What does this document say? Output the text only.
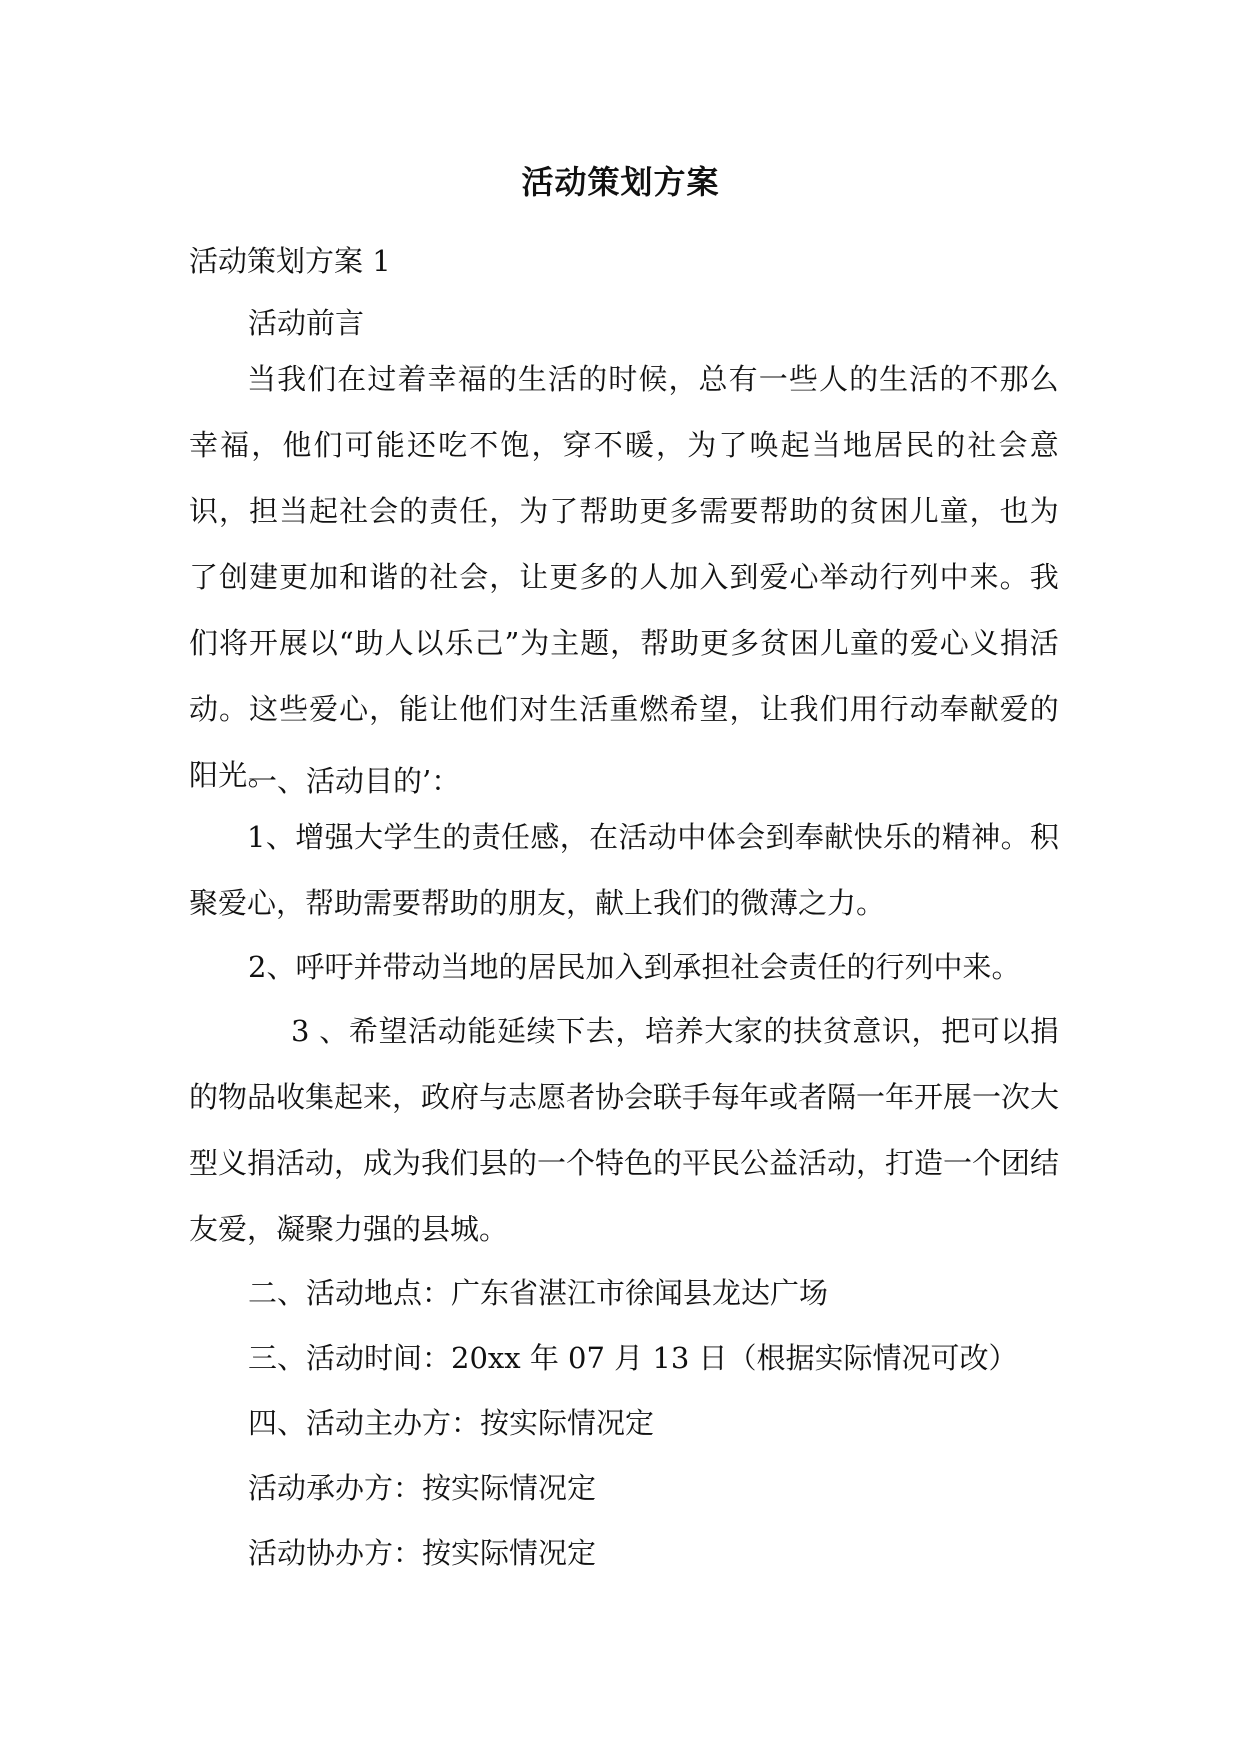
活动策划方案

活动策划方案 1

活动前言

当我们在过着幸福的生活的时候，总有一些人的生活的不那么幸福，他们可能还吃不饱，穿不暖，为了唤起当地居民的社会意识，担当起社会的责任，为了帮助更多需要帮助的贫困儿童，也为了创建更加和谐的社会，让更多的人加入到爱心举动行列中来。我们将开展以“助人以乐己”为主题，帮助更多贫困儿童的爱心义捐活动。这些爱心，能让他们对生活重燃希望，让我们用行动奉献爱的阳光。

一、活动目的’：

1、增强大学生的责任感，在活动中体会到奉献快乐的精神。积聚爱心，帮助需要帮助的朋友，献上我们的微薄之力。

2、呼吁并带动当地的居民加入到承担社会责任的行列中来。

3 、希望活动能延续下去，培养大家的扶贫意识，把可以捐的物品收集起来，政府与志愿者协会联手每年或者隔一年开展一次大型义捐活动，成为我们县的一个特色的平民公益活动，打造一个团结友爱，凝聚力强的县城。

二、活动地点：广东省湛江市徐闻县龙达广场

三、活动时间：20xx 年 07 月 13 日（根据实际情况可改）

四、活动主办方：按实际情况定

活动承办方：按实际情况定

活动协办方：按实际情况定
